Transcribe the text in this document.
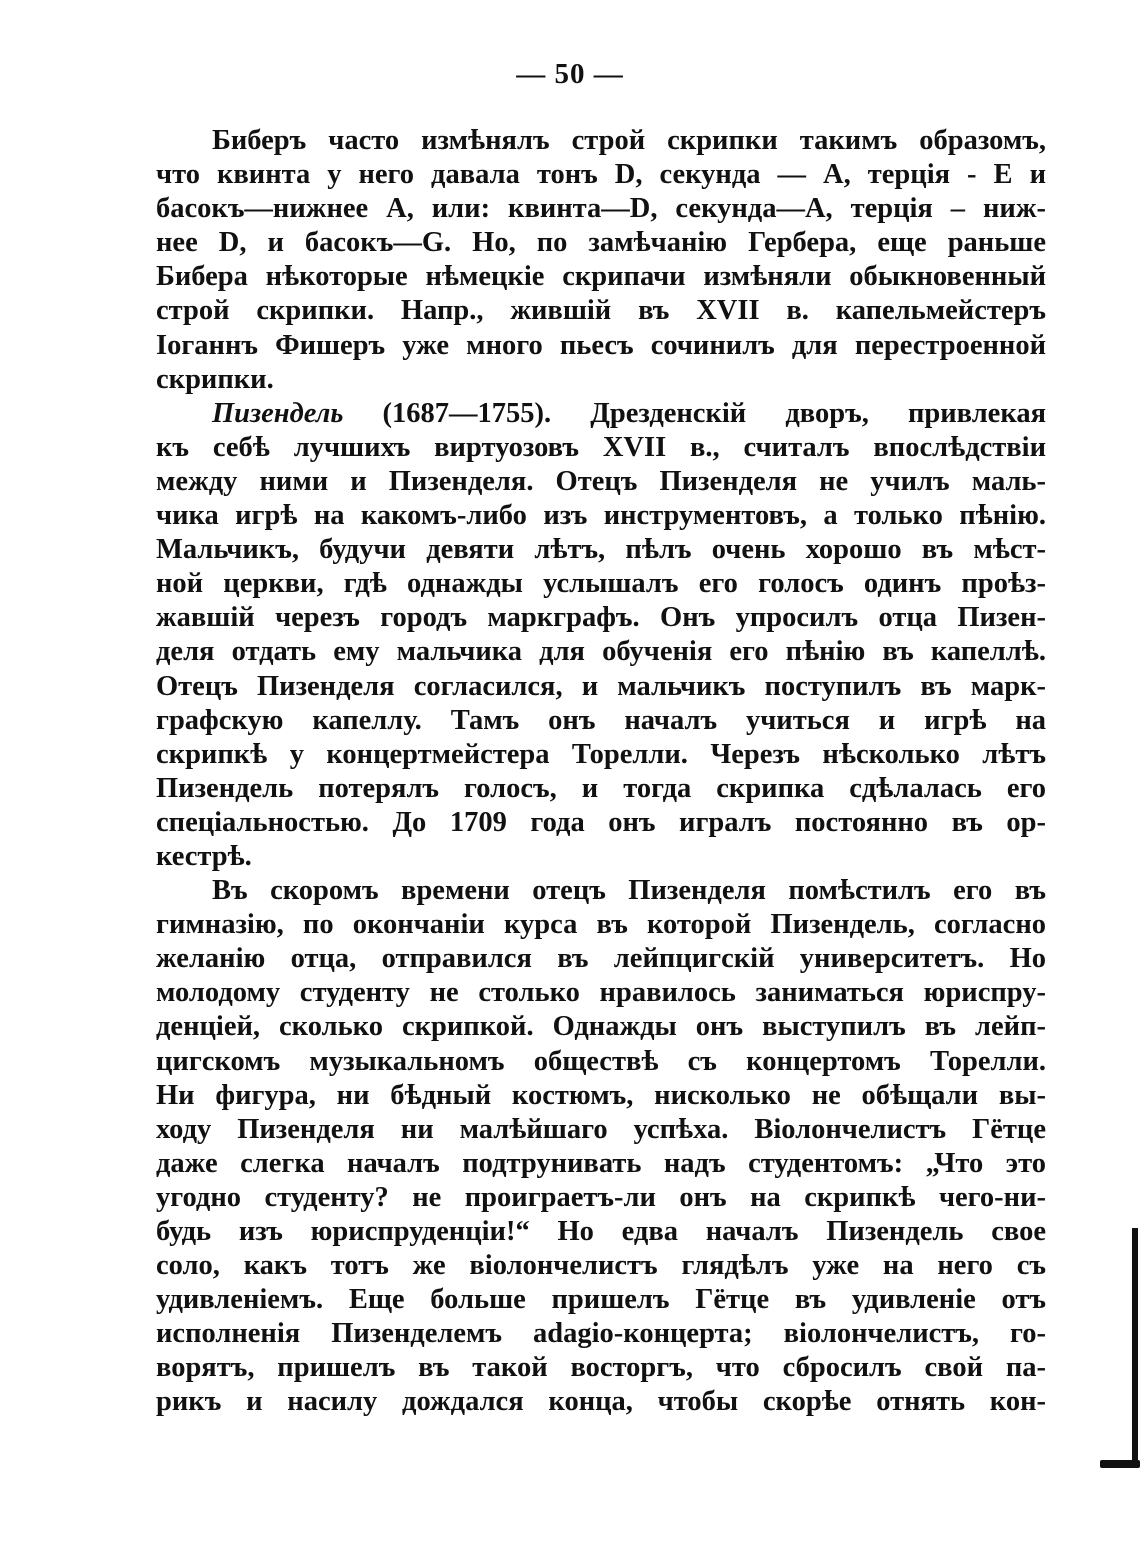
— 50 —
Биберъ часто измѣнялъ строй скрипки такимъ образомъ,
что квинта у него давала тонъ D, секунда — A, терція - E и
басокъ—нижнее A, или: квинта—D, секунда—A, терція – ниж-
нее D, и басокъ—G. Но, по замѣчанію Гербера, еще раньше
Бибера нѣкоторые нѣмецкіе скрипачи измѣняли обыкновенный
строй скрипки. Напр., жившій въ XVII в. капельмейстеръ
Іоганнъ Фишеръ уже много пьесъ сочинилъ для перестроенной
скрипки.
Пизендель (1687—1755). Дрезденскій дворъ, привлекая
къ себѣ лучшихъ виртуозовъ XVII в., считалъ впослѣдствіи
между ними и Пизенделя. Отецъ Пизенделя не училъ маль-
чика игрѣ на какомъ-либо изъ инструментовъ, а только пѣнію.
Мальчикъ, будучи девяти лѣтъ, пѣлъ очень хорошо въ мѣст-
ной церкви, гдѣ однажды услышалъ его голосъ одинъ проѣз-
жавшій черезъ городъ маркграфъ. Онъ упросилъ отца Пизен-
деля отдать ему мальчика для обученія его пѣнію въ капеллѣ.
Отецъ Пизенделя согласился, и мальчикъ поступилъ въ марк-
графскую капеллу. Тамъ онъ началъ учиться и игрѣ на
скрипкѣ у концертмейстера Торелли. Черезъ нѣсколько лѣтъ
Пизендель потерялъ голосъ, и тогда скрипка сдѣлалась его
спеціальностью. До 1709 года онъ игралъ постоянно въ ор-
кестрѣ.
Въ скоромъ времени отецъ Пизенделя помѣстилъ его въ
гимназію, по окончаніи курса въ которой Пизендель, согласно
желанію отца, отправился въ лейпцигскій университетъ. Но
молодому студенту не столько нравилось заниматься юриспру-
денціей, сколько скрипкой. Однажды онъ выступилъ въ лейп-
цигскомъ музыкальномъ обществѣ съ концертомъ Торелли.
Ни фигура, ни бѣдный костюмъ, нисколько не обѣщали вы-
ходу Пизенделя ни малѣйшаго успѣха. Віолончелистъ Гётце
даже слегка началъ подтрунивать надъ студентомъ: „Что это
угодно студенту? не проиграетъ-ли онъ на скрипкѣ чего-ни-
будь изъ юриспруденціи!“ Но едва началъ Пизендель свое
соло, какъ тотъ же віолончелистъ глядѣлъ уже на него съ
удивленіемъ. Еще больше пришелъ Гётце въ удивленіе отъ
исполненія Пизенделемъ adagio-концерта; віолончелистъ, го-
ворятъ, пришелъ въ такой восторгъ, что сбросилъ свой па-
рикъ и насилу дождался конца, чтобы скорѣе отнять кон-
